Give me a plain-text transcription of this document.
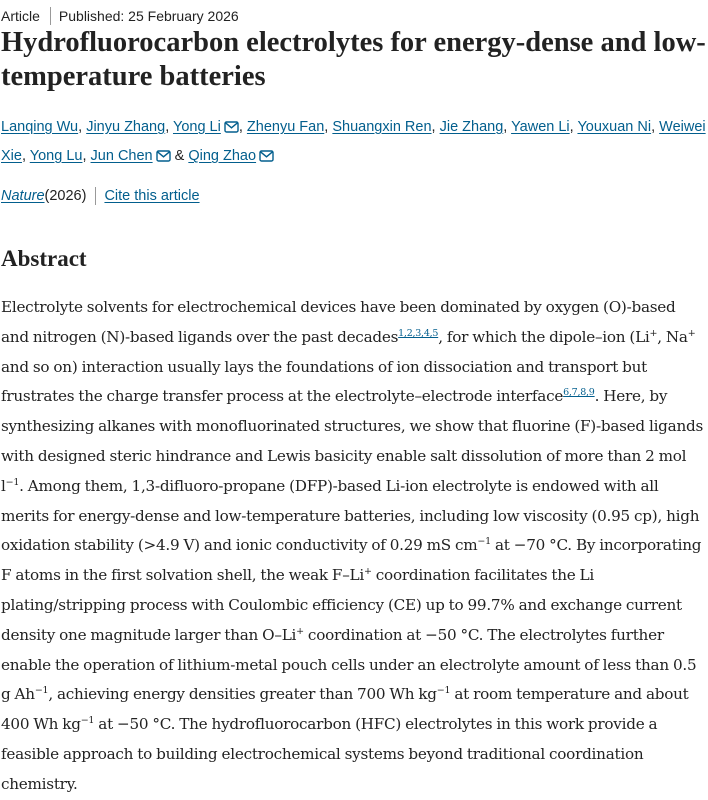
Article Published: 25 February 2026
Hydrofluorocarbon electrolytes for energy-dense and low-temperature batteries
Lanqing Wu, Jinyu Zhang, Yong Li , Zhenyu Fan, Shuangxin Ren, Jie Zhang, Yawen Li, Youxuan Ni, Weiwei Xie, Yong Lu, Jun Chen & Qing Zhao
Nature (2026) Cite this article
Abstract

Electrolyte solvents for electrochemical devices have been dominated by oxygen (O)-based and nitrogen (N)-based ligands over the past decades$^{1,2,3,4,5}$, for which the dipole–ion (Li+, Na+ and so on) interaction usually lays the foundations of ion dissociation and transport but frustrates the charge transfer process at the electrolyte–electrode interface$^{6,7,8,9}$. Here, by synthesizing alkanes with monofluorinated structures, we show that fluorine (F)-based ligands with designed steric hindrance and Lewis basicity enable salt dissolution of more than 2 mol $l^{-1}$. Among them, 1,3-difluoro-propane (DFP)-based Li-ion electrolyte is endowed with all merits for energy-dense and low-temperature batteries, including low viscosity (0.95 cp), high oxidation stability (>4.9 V) and ionic conductivity of 0.29 mS $cm^{-1}$ at −70 °C. By incorporating F atoms in the first solvation shell, the weak F–Li+ coordination facilitates the Li plating/stripping process with Coulombic efficiency (CE) up to 99.7% and exchange current density one magnitude larger than O–Li+ coordination at −50 °C. The electrolytes further enable the operation of lithium-metal pouch cells under an electrolyte amount of less than 0.5 g $Ah^{-1}$, achieving energy densities greater than 700 Wh $kg^{-1}$ at room temperature and about 400 Wh $kg^{-1}$ at −50 °C. The hydrofluorocarbon (HFC) electrolytes in this work provide a feasible approach to building electrochemical systems beyond traditional coordination chemistry.
